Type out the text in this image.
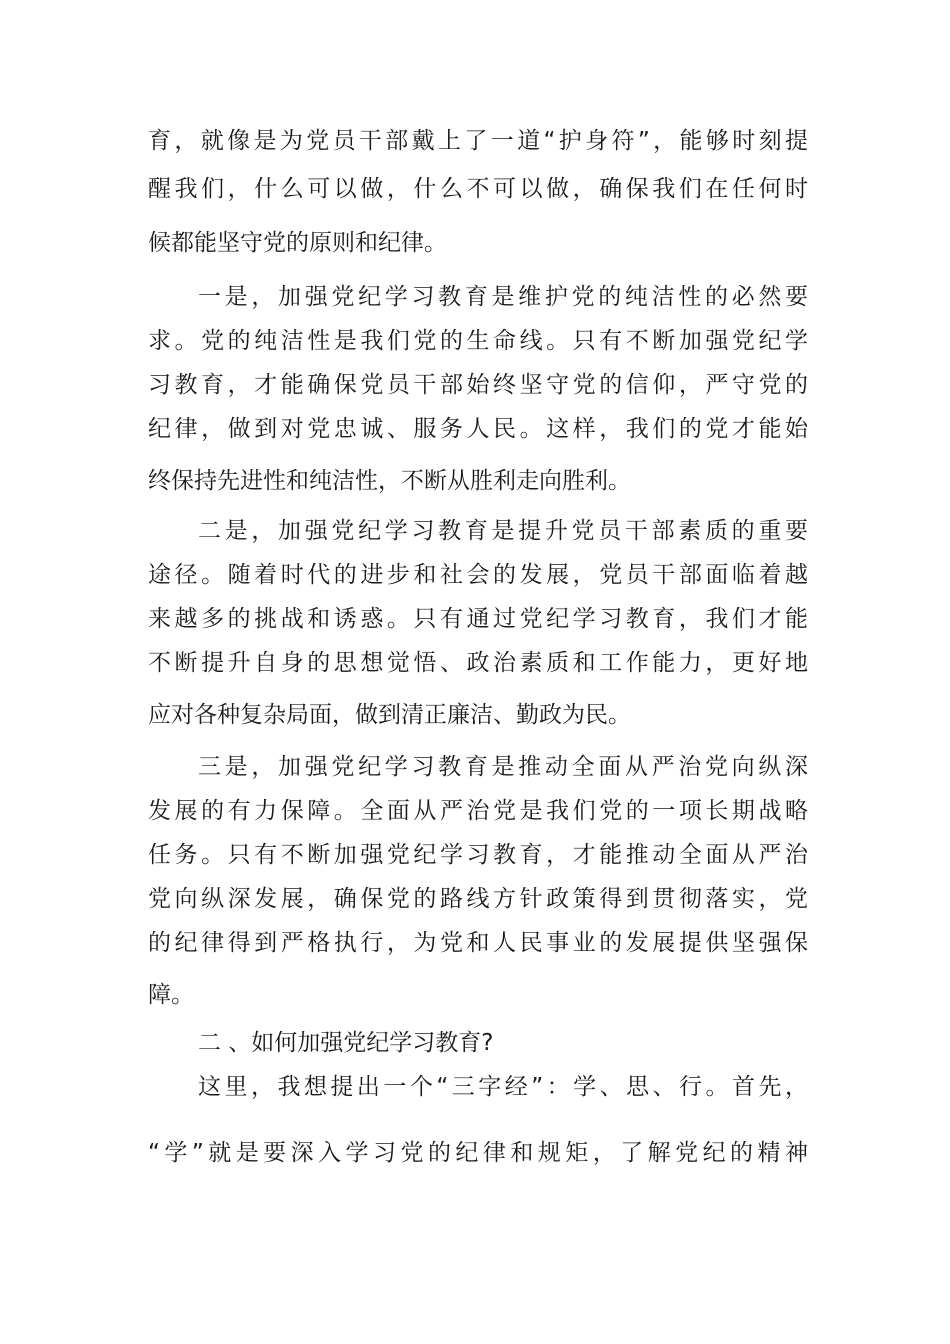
育，就像是为党员干部戴上了一道“护身符”，能够时刻提
醒我们，什么可以做，什么不可以做，确保我们在任何时
候都能坚守党的原则和纪律。
一是，加强党纪学习教育是维护党的纯洁性的必然要
求。党的纯洁性是我们党的生命线。只有不断加强党纪学
习教育，才能确保党员干部始终坚守党的信仰，严守党的
纪律，做到对党忠诚、服务人民。这样，我们的党才能始
终保持先进性和纯洁性，不断从胜利走向胜利。
二是，加强党纪学习教育是提升党员干部素质的重要
途径。随着时代的进步和社会的发展，党员干部面临着越
来越多的挑战和诱惑。只有通过党纪学习教育，我们才能
不断提升自身的思想觉悟、政治素质和工作能力，更好地
应对各种复杂局面，做到清正廉洁、勤政为民。
三是，加强党纪学习教育是推动全面从严治党向纵深
发展的有力保障。全面从严治党是我们党的一项长期战略
任务。只有不断加强党纪学习教育，才能推动全面从严治
党向纵深发展，确保党的路线方针政策得到贯彻落实，党
的纪律得到严格执行，为党和人民事业的发展提供坚强保
障。
二 、如何加强党纪学习教育?
这里，我想提出一个“三字经”：学、思、行。首先，
“学”就是要深入学习党的纪律和规矩，了解党纪的精神
